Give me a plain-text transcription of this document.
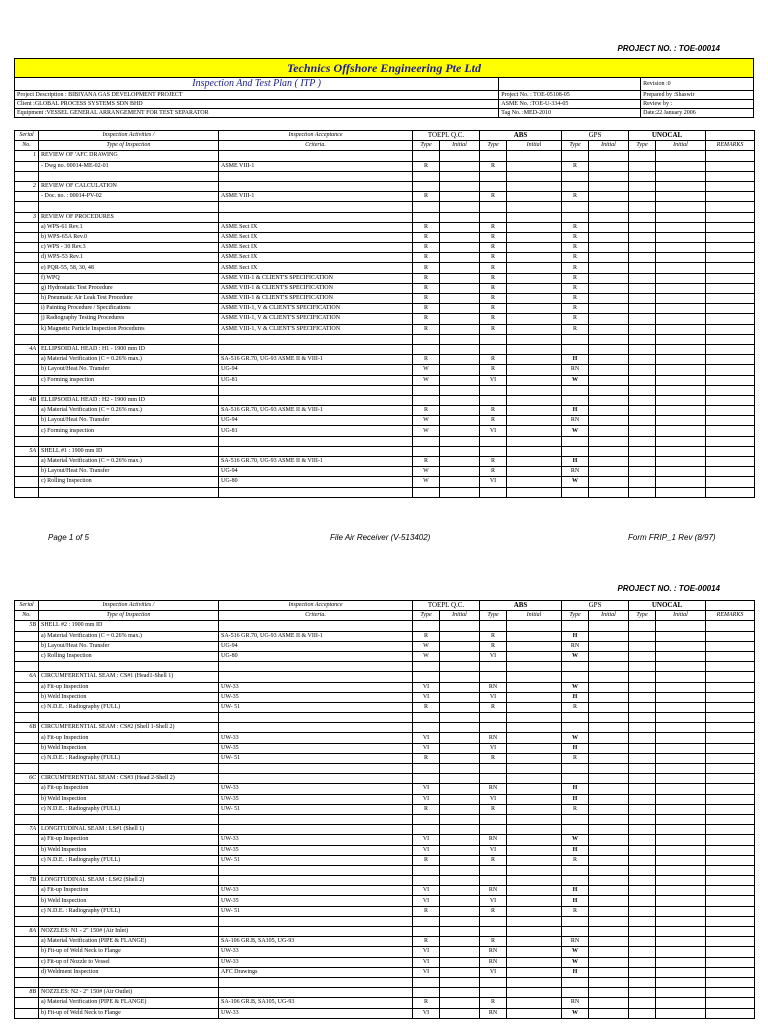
PROJECT NO. : TOE-00014
Technics Offshore Engineering Pte Ltd
Inspection And Test Plan ( ITP )		Revision :0
Project Description : BIBIYANA GAS DEVELOPMENT PROJECT	Project No. : TOE-05108-05	Prepared by :Shaswir
Client :GLOBAL PROCESS SYSTEMS SDN BHD	ASME No. :TOE-U-334-05	Review by :
Equipment :VESSEL GENERAL ARRANGEMENT FOR TEST SEPARATOR	Tag No. :MED-2010	Date:22 January 2006
Serial	Inspection Activities /	Inspection Acceptance	TOEPL Q.C.		ABS		GPS		UNOCAL		
No.	Type of Inspection	Criteria.	Type	Initial	Type	Initial	Type	Initial	Type	Initial	REMARKS
1	REVIEW OF 'AFC DRAWING										
	- Dwg no. 00014-ME-02-01	ASME VIII-1	R		R		R				

2	REVIEW OF CALCULATION										
	- Doc. no. : 00014-PV-02	ASME VIII-1	R		R		R				

3	REVIEW OF PROCEDURES										
	a) WPS-61 Rev.1	ASME Sect IX	R		R		R				
	b) WPS-65A Rev.0	ASME Sect IX	R		R		R				
	c) WPS - 30 Rev.3	ASME Sect IX	R		R		R				
	d) WPS-53 Rev.1	ASME Sect IX	R		R		R				
	e) PQR-55, 58, 30, 48	ASME Sect IX	R		R		R				
	f) WPQ	ASME VIII-1 & CLIENT'S SPECIFICATION	R		R		R				
	g) Hydrostatic Test Procedure	ASME VIII-1 & CLIENT'S SPECIFICATION	R		R		R				
	h) Pneumatic Air Leak Test Procedure	ASME VIII-1 & CLIENT'S SPECIFICATION	R		R		R				
	i) Painting Procedure / Specifications	ASME VIII-1, V & CLIENT'S SPECIFICATION	R		R		R				
	j) Radiography Testing Procedures	ASME VIII-1, V & CLIENT'S SPECIFICATION	R		R		R				
	k) Magnetic Particle Inspection Procedures	ASME VIII-1, V & CLIENT'S SPECIFICATION	R		R		R				

4A	ELLIPSOIDAL HEAD : H1 - 1900 mm ID										
	a) Material Verification (C = 0.26% max.)	SA-516 GR.70, UG-93 ASME II & VIII-1	R		R		H				
	b) Layout/Heat No. Transfer	UG-94	W		R		RN				
	c) Forming inspection	UG-81	W		VI		W				

4B	ELLIPSOIDAL HEAD : H2 - 1900 mm ID										
	a) Material Verification (C = 0.26% max.)	SA-516 GR.70, UG-93 ASME II & VIII-1	R		R		H				
	b) Layout/Heat No. Transfer	UG-94	W		R		RN				
	c) Forming inspection	UG-81	W		VI		W				

5A	SHELL #1 : 1900 mm ID										
	a) Material Verification (C = 0.26% max.)	SA-516 GR.70, UG-93 ASME II & VIII-1	R		R		H				
	b) Layout/Heat No. Transfer	UG-94	W		R		RN				
	c) Rolling Inspection	UG-80	W		VI		W				

Page 1 of 5	File Air Receiver (V-513402)	Form FRIP_1 Rev (8/97)
PROJECT NO. : TOE-00014
Serial	Inspection Activities /	Inspection Acceptance	TOEPL Q.C.		ABS		GPS		UNOCAL		
No.	Type of Inspection	Criteria.	Type	Initial	Type	Initial	Type	Initial	Type	Initial	REMARKS
5B	SHELL #2 : 1900 mm ID										
	a) Material Verification (C = 0.26% max.)	SA-516 GR.70, UG-93 ASME II & VIII-1	R		R		H				
	b) Layout/Heat No. Transfer	UG-94	W		R		RN				
	c) Rolling Inspection	UG-80	W		VI		W				

6A	CIRCUMFERENTIAL SEAM : CS#1 (Head1-Shell 1)										
	a) Fit-up Inspection	UW-33	VI		RN		W				
	b) Weld Inspection	UW-35	VI		VI		H				
	c) N.D.E. : Radiography (FULL)	UW- 51	R		R		R				

6B	CIRCUMFERENTIAL SEAM : CS#2 (Shell 1-Shell 2)										
	a) Fit-up Inspection	UW-33	VI		RN		W				
	b) Weld Inspection	UW-35	VI		VI		H				
	c) N.D.E. : Radiography (FULL)	UW- 51	R		R		R				

6C	CIRCUMFERENTIAL SEAM : CS#3 (Head 2-Shell 2)										
	a) Fit-up Inspection	UW-33	VI		RN		H				
	b) Weld Inspection	UW-35	VI		VI		H				
	c) N.D.E. : Radiography (FULL)	UW- 51	R		R		R				

7A	LONGITUDINAL SEAM : LS#1 (Shell 1)										
	a) Fit-up Inspection	UW-33	VI		RN		W				
	b) Weld Inspection	UW-35	VI		VI		H				
	c) N.D.E. : Radiography (FULL)	UW- 51	R		R		R				

7B	LONGITUDINAL SEAM : LS#2 (Shell 2)										
	a) Fit-up Inspection	UW-33	VI		RN		H				
	b) Weld Inspection	UW-35	VI		VI		H				
	c) N.D.E. : Radiography (FULL)	UW- 51	R		R		R				

8A	NOZZLES: N1 - 2" 150# (Air Inlet)										
	a) Material Verification (PIPE & FLANGE)	SA-106 GR.B, SA105, UG-93	R		R		RN				
	b) Fit-up of Weld Neck to Flange	UW-33	VI		RN		W				
	c) Fit-up of Nozzle to Vessel	UW-33	VI		RN		W				
	d) Weldment Inspection	AFC Drawings	VI		VI		H				

8B	NOZZLES: N2 - 2" 150# (Air Outlet)										
	a) Material Verification (PIPE & FLANGE)	SA-106 GR.B, SA105, UG-93	R		R		RN				
	b) Fit-up of Weld Neck to Flange	UW-33	VI		RN		W				
